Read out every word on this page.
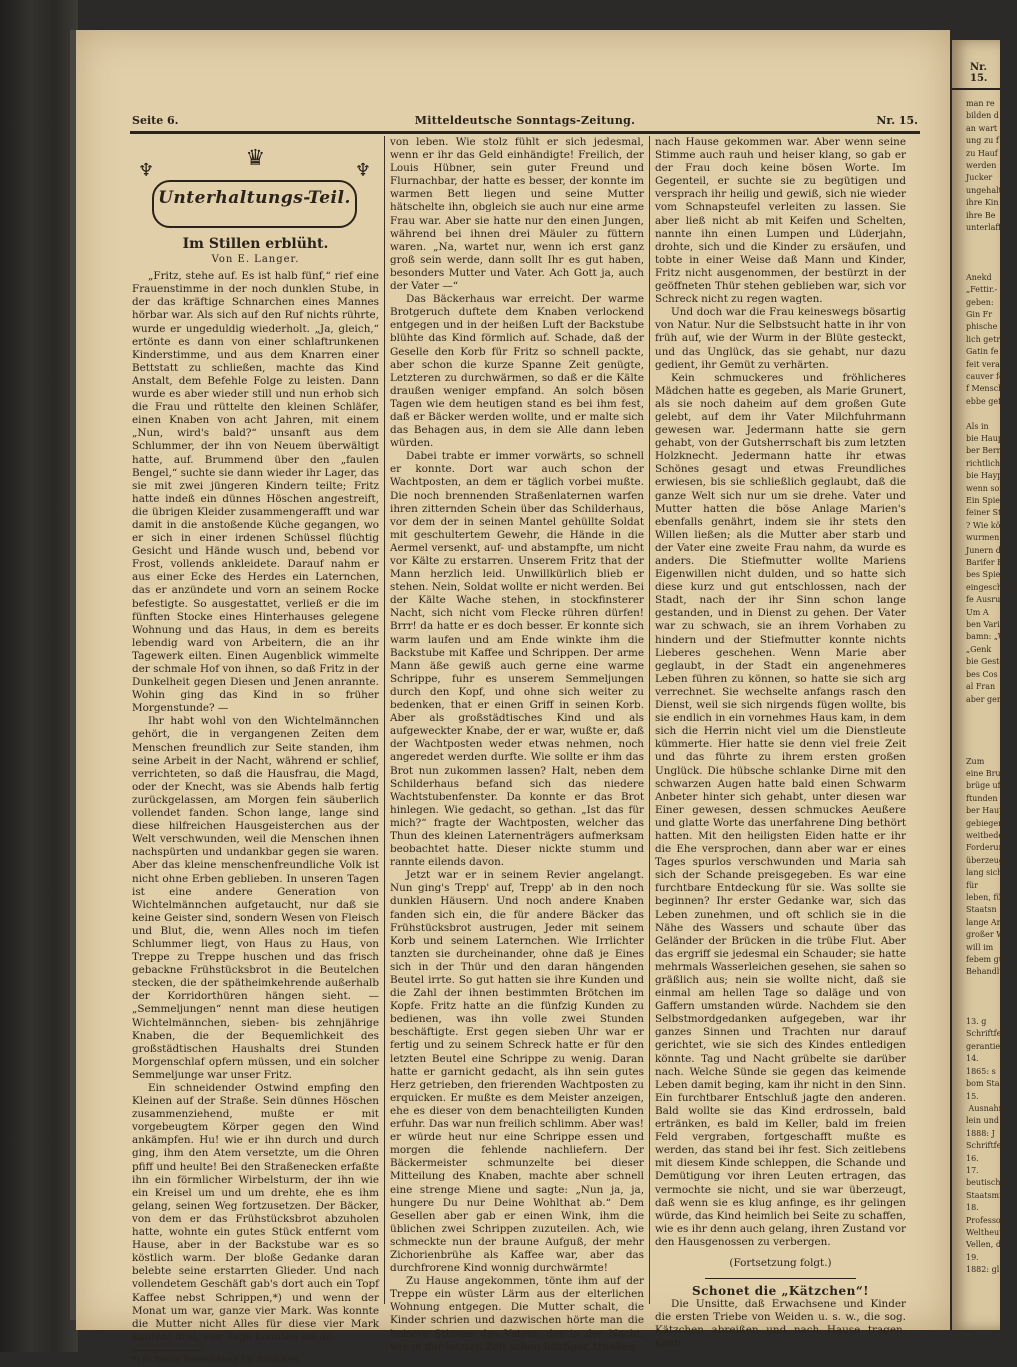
Seite 6.	Mitteldeutsche Sonntags-Zeitung.	Nr. 15.
♆	♛	♆
Unterhaltungs-Teil.
Im Stillen erblüht.
Von E. Langer.

„Fritz, stehe auf. Es ist halb fünf,“ rief eine Frauenstimme in der noch dunklen Stube, in der das kräftige Schnarchen eines Mannes hörbar war. Als sich auf den Ruf nichts rührte, wurde er ungeduldig wiederholt. „Ja, gleich,“ ertönte es dann von einer schlaftrunkenen Kinderstimme, und aus dem Knarren einer Bettstatt zu schließen, machte das Kind Anstalt, dem Befehle Folge zu leisten. Dann wurde es aber wieder still und nun erhob sich die Frau und rüttelte den kleinen Schläfer, einen Knaben von acht Jahren, mit einem „Nun, wird's bald?“ unsanft aus dem Schlummer, der ihn von Neuem überwältigt hatte, auf. Brummend über den „faulen Bengel,“ suchte sie dann wieder ihr Lager, das sie mit zwei jüngeren Kindern teilte; Fritz hatte indeß ein dünnes Höschen angestreift, die übrigen Kleider zusammengerafft und war damit in die anstoßende Küche gegangen, wo er sich in einer irdenen Schüssel flüchtig Gesicht und Hände wusch und, bebend vor Frost, vollends ankleidete. Darauf nahm er aus einer Ecke des Herdes ein Laternchen, das er anzündete und vorn an seinem Rocke befestigte. So ausgestattet, verließ er die im fünften Stocke eines Hinterhauses gelegene Wohnung und das Haus, in dem es bereits lebendig ward von Arbeitern, die an ihr Tagewerk eilten. Einen Augenblick wimmelte der schmale Hof von ihnen, so daß Fritz in der Dunkelheit gegen Diesen und Jenen anrannte. Wohin ging das Kind in so früher Morgenstunde? —

Ihr habt wohl von den Wichtelmännchen gehört, die in vergangenen Zeiten dem Menschen freundlich zur Seite standen, ihm seine Arbeit in der Nacht, während er schlief, verrichteten, so daß die Hausfrau, die Magd, oder der Knecht, was sie Abends halb fertig zurückgelassen, am Morgen fein säuberlich vollendet fanden. Schon lange, lange sind diese hilfreichen Hausgeisterchen aus der Welt verschwunden, weil die Menschen ihnen nachspürten und undankbar gegen sie waren. Aber das kleine menschenfreundliche Volk ist nicht ohne Erben geblieben. In unseren Tagen ist eine andere Generation von Wichtelmännchen aufgetaucht, nur daß sie keine Geister sind, sondern Wesen von Fleisch und Blut, die, wenn Alles noch im tiefen Schlummer liegt, von Haus zu Haus, von Treppe zu Treppe huschen und das frisch gebackne Frühstücksbrot in die Beutelchen stecken, die der spätheimkehrende außerhalb der Korridorthüren hängen sieht. — „Semmeljungen“ nennt man diese heutigen Wichtelmännchen, sieben- bis zehnjährige Knaben, die der Bequemlichkeit des großstädtischen Haushalts drei Stunden Morgenschlaf opfern müssen, und ein solcher Semmeljunge war unser Fritz.

Ein schneidender Ostwind empfing den Kleinen auf der Straße. Sein dünnes Höschen zusammenziehend, mußte er mit vorgebeugtem Körper gegen den Wind ankämpfen. Hu! wie er ihn durch und durch ging, ihm den Atem versetzte, um die Ohren pfiff und heulte! Bei den Straßenecken erfaßte ihn ein förmlicher Wirbelsturm, der ihn wie ein Kreisel um und um drehte, ehe es ihm gelang, seinen Weg fortzusetzen. Der Bäcker, von dem er das Frühstücksbrot abzuholen hatte, wohnte ein gutes Stück entfernt vom Hause, aber in der Backstube war es so köstlich warm. Der bloße Gedanke daran belebte seine erstarrten Glieder. Und nach vollendetem Geschäft gab's dort auch ein Topf Kaffee nebst Schrippen,*) und wenn der Monat um war, ganze vier Mark. Was konnte die Mutter nicht Alles für diese vier Mark kaufen! drei, vier Tage konnten sie da-

*) In Berlin Bezeichnung für Brödchen.

von leben. Wie stolz fühlt er sich jedesmal, wenn er ihr das Geld einhändigte! Freilich, der Louis Hübner, sein guter Freund und Flurnachbar, der hatte es besser, der konnte im warmen Bett liegen und seine Mutter hätschelte ihn, obgleich sie auch nur eine arme Frau war. Aber sie hatte nur den einen Jungen, während bei ihnen drei Mäuler zu füttern waren. „Na, wartet nur, wenn ich erst ganz groß sein werde, dann sollt Ihr es gut haben, besonders Mutter und Vater. Ach Gott ja, auch der Vater —“

Das Bäckerhaus war erreicht. Der warme Brotgeruch duftete dem Knaben verlockend entgegen und in der heißen Luft der Backstube blühte das Kind förmlich auf. Schade, daß der Geselle den Korb für Fritz so schnell packte, aber schon die kurze Spanne Zeit genügte, Letzteren zu durchwärmen, so daß er die Kälte draußen weniger empfand. An solch bösen Tagen wie dem heutigen stand es bei ihm fest, daß er Bäcker werden wollte, und er malte sich das Behagen aus, in dem sie Alle dann leben würden.

Dabei trabte er immer vorwärts, so schnell er konnte. Dort war auch schon der Wachtposten, an dem er täglich vorbei mußte. Die noch brennenden Straßenlaternen warfen ihren zitternden Schein über das Schilderhaus, vor dem der in seinen Mantel gehüllte Soldat mit geschultertem Gewehr, die Hände in die Aermel versenkt, auf- und abstampfte, um nicht vor Kälte zu erstarren. Unserem Fritz that der Mann herzlich leid. Unwillkürlich blieb er stehen. Nein, Soldat wollte er nicht werden. Bei der Kälte Wache stehen, in stockfinsterer Nacht, sich nicht vom Flecke rühren dürfen! Brrr! da hatte er es doch besser. Er konnte sich warm laufen und am Ende winkte ihm die Backstube mit Kaffee und Schrippen. Der arme Mann äße gewiß auch gerne eine warme Schrippe, fuhr es unserem Semmeljungen durch den Kopf, und ohne sich weiter zu bedenken, that er einen Griff in seinen Korb. Aber als großstädtisches Kind und als aufgeweckter Knabe, der er war, wußte er, daß der Wachtposten weder etwas nehmen, noch angeredet werden durfte. Wie sollte er ihm das Brot nun zukommen lassen? Halt, neben dem Schilderhaus befand sich das niedere Wachtstubenfenster. Da konnte er das Brot hinlegen. Wie gedacht, so gethan. „Ist das für mich?“ fragte der Wachtposten, welcher das Thun des kleinen Laternenträgers aufmerksam beobachtet hatte. Dieser nickte stumm und rannte eilends davon.

Jetzt war er in seinem Revier angelangt. Nun ging's Trepp' auf, Trepp' ab in den noch dunklen Häusern. Und noch andere Knaben fanden sich ein, die für andere Bäcker das Frühstücksbrot austrugen, Jeder mit seinem Korb und seinem Laternchen. Wie Irrlichter tanzten sie durcheinander, ohne daß je Eines sich in der Thür und den daran hängenden Beutel irrte. So gut hatten sie ihre Kunden und die Zahl der ihnen bestimmten Brötchen im Kopfe. Fritz hatte an die fünfzig Kunden zu bedienen, was ihn volle zwei Stunden beschäftigte. Erst gegen sieben Uhr war er fertig und zu seinem Schreck hatte er für den letzten Beutel eine Schrippe zu wenig. Daran hatte er garnicht gedacht, als ihn sein gutes Herz getrieben, den frierenden Wachtposten zu erquicken. Er mußte es dem Meister anzeigen, ehe es dieser von dem benachteiligten Kunden erfuhr. Das war nun freilich schlimm. Aber was! er würde heut nur eine Schrippe essen und morgen die fehlende nachliefern. Der Bäckermeister schmunzelte bei dieser Mitteilung des Knaben, machte aber schnell eine strenge Miene und sagte: „Nun ja, ja, hungere Du nur Deine Wohlthat ab.“ Dem Gesellen aber gab er einen Wink, ihm die üblichen zwei Schrippen zuzuteilen. Ach, wie schmeckte nun der braune Aufguß, der mehr Zichorienbrühe als Kaffee war, aber das durchfrorene Kind wonnig durchwärmte!

Zu Hause angekommen, tönte ihm auf der Treppe ein wüster Lärm aus der elterlichen Wohnung entgegen. Die Mutter schalt, die Kinder schrien und dazwischen hörte man die heisere Stimme des Vaters, der in der Nacht, wie in der letzten Zeit schon häufiger, trunken

nach Hause gekommen war. Aber wenn seine Stimme auch rauh und heiser klang, so gab er der Frau doch keine bösen Worte. Im Gegenteil, er suchte sie zu begütigen und versprach ihr heilig und gewiß, sich nie wieder vom Schnapsteufel verleiten zu lassen. Sie aber ließ nicht ab mit Keifen und Schelten, nannte ihn einen Lumpen und Lüderjahn, drohte, sich und die Kinder zu ersäufen, und tobte in einer Weise daß Mann und Kinder, Fritz nicht ausgenommen, der bestürzt in der geöffneten Thür stehen geblieben war, sich vor Schreck nicht zu regen wagten.

Und doch war die Frau keineswegs bösartig von Natur. Nur die Selbstsucht hatte in ihr von früh auf, wie der Wurm in der Blüte gesteckt, und das Unglück, das sie gehabt, nur dazu gedient, ihr Gemüt zu verhärten.

Kein schmuckeres und fröhlicheres Mädchen hatte es gegeben, als Marie Grunert, als sie noch daheim auf dem großen Gute gelebt, auf dem ihr Vater Milchfuhrmann gewesen war. Jedermann hatte sie gern gehabt, von der Gutsherrschaft bis zum letzten Holzknecht. Jedermann hatte ihr etwas Schönes gesagt und etwas Freundliches erwiesen, bis sie schließlich geglaubt, daß die ganze Welt sich nur um sie drehe. Vater und Mutter hatten die böse Anlage Marien's ebenfalls genährt, indem sie ihr stets den Willen ließen; als die Mutter aber starb und der Vater eine zweite Frau nahm, da wurde es anders. Die Stiefmutter wollte Mariens Eigenwillen nicht dulden, und so hatte sich diese kurz und gut entschlossen, nach der Stadt, nach der ihr Sinn schon lange gestanden, und in Dienst zu gehen. Der Vater war zu schwach, sie an ihrem Vorhaben zu hindern und der Stiefmutter konnte nichts Lieberes geschehen. Wenn Marie aber geglaubt, in der Stadt ein angenehmeres Leben führen zu können, so hatte sie sich arg verrechnet. Sie wechselte anfangs rasch den Dienst, weil sie sich nirgends fügen wollte, bis sie endlich in ein vornehmes Haus kam, in dem sich die Herrin nicht viel um die Dienstleute kümmerte. Hier hatte sie denn viel freie Zeit und das führte zu ihrem ersten großen Unglück. Die hübsche schlanke Dirne mit den schwarzen Augen hatte bald einen Schwarm Anbeter hinter sich gehabt, unter diesen war Einer gewesen, dessen schmuckes Aeußere und glatte Worte das unerfahrene Ding bethört hatten. Mit den heiligsten Eiden hatte er ihr die Ehe versprochen, dann aber war er eines Tages spurlos verschwunden und Maria sah sich der Schande preisgegeben. Es war eine furchtbare Entdeckung für sie. Was sollte sie beginnen? Ihr erster Gedanke war, sich das Leben zunehmen, und oft schlich sie in die Nähe des Wassers und schaute über das Geländer der Brücken in die trübe Flut. Aber das ergriff sie jedesmal ein Schauder; sie hatte mehrmals Wasserleichen gesehen, sie sahen so gräßlich aus; nein sie wollte nicht, daß sie einmal am hellen Tage so daläge und von Gaffern umstanden würde. Nachdem sie den Selbstmordgedanken aufgegeben, war ihr ganzes Sinnen und Trachten nur darauf gerichtet, wie sie sich des Kindes entledigen könnte. Tag und Nacht grübelte sie darüber nach. Welche Sünde sie gegen das keimende Leben damit beging, kam ihr nicht in den Sinn. Ein furchtbarer Entschluß jagte den anderen. Bald wollte sie das Kind erdrosseln, bald ertränken, es bald im Keller, bald im freien Feld vergraben, fortgeschafft mußte es werden, das stand bei ihr fest. Sich zeitlebens mit diesem Kinde schleppen, die Schande und Demütigung vor ihren Leuten ertragen, das vermochte sie nicht, und sie war überzeugt, daß wenn sie es klug anfinge, es ihr gelingen würde, das Kind heimlich bei Seite zu schaffen, wie es ihr denn auch gelang, ihren Zustand vor den Hausgenossen zu verbergen.

(Fortsetzung folgt.)

Schonet die „Kätzchen“!

Die Unsitte, daß Erwachsene und Kinder die ersten Triebe von Weiden u. s. w., die sog. Kätzchen abreißen und nach Hause tragen, kann

Nr. 15.
man re
bilden d
an wart
ung zu f
zu Hauf
werden
Jucker
ungehalt
ihre Kin
ihre Be
unterlaff

Anekd
„Fettir.-
geben:
Gin Fr
phische R
lich getraf
Gatin fe
feit veran
cauver fol
f Mensch
ebbe gef

Als in
bie Haupt-
ber Berm
richtliche
bie Hayptt
wenn son
Ein Spiel
feiner Stell
? Wie kön
wurmen
Junern der
Barifer H
bes Spiele
eingeschüch
fe Ausru
Um A
ben Varif
bamn: „W
„Genk
bie Geste
bes Cos
al Fran
aber gem

Zum
eine Bruf
brüge ufw
ftunden
ber Haupt
gebiegene
weitbedeu
Forderun
überzeuge
lang sich
für
leben, fü
Staatsn
lange Ar
großer W
will im
febem gu
Behandlun

13. g
Schriftfel
gerantiert
14.
1865: s
bom Staa
15.
Ausnahme
lein und
1888: J
Schriftfel
16.
17.
beutischen
Staatsmin
18.
Professor
Weltheut
Vellen, d
19.
1882: gl
